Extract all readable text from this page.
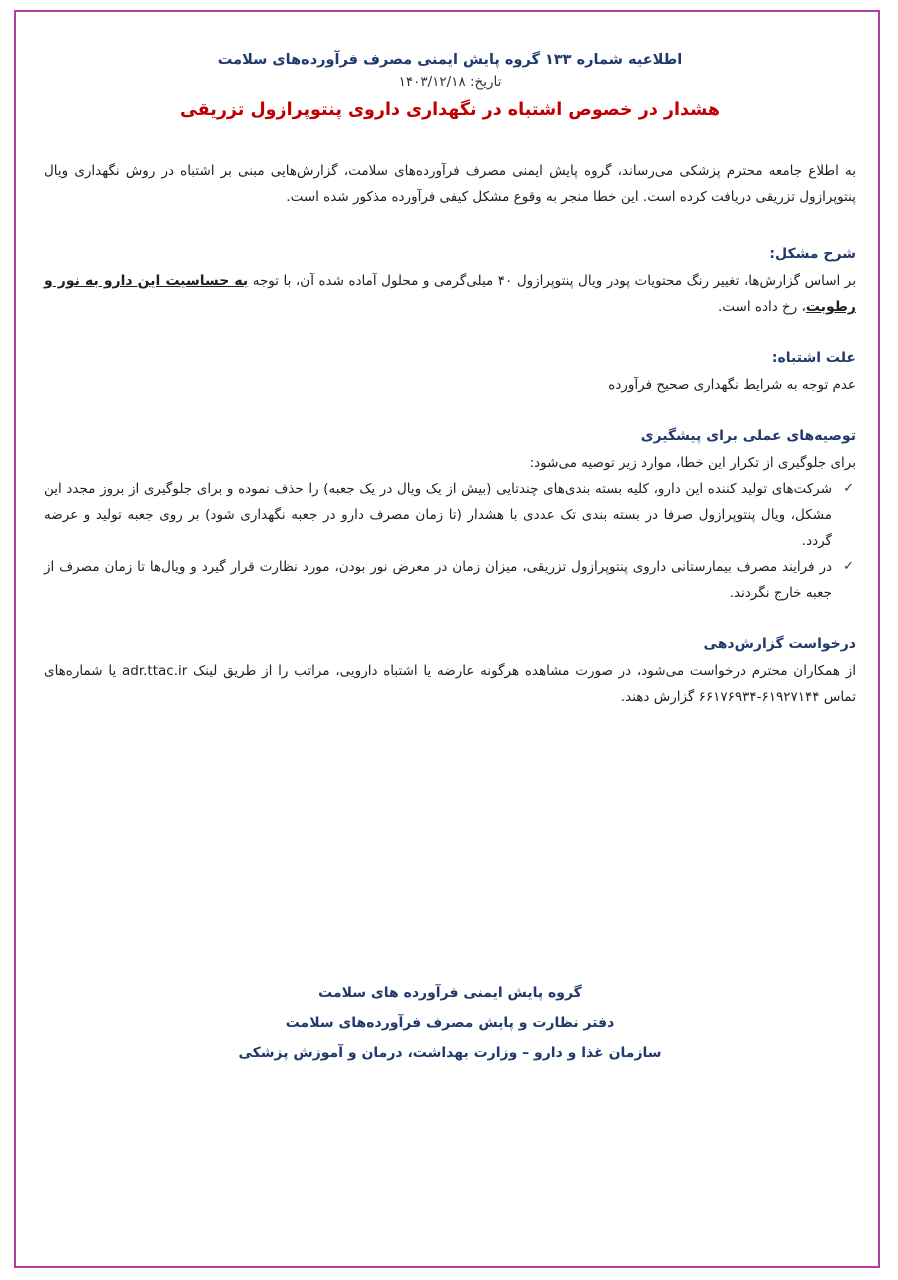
اطلاعیه شماره ۱۳۳ گروه پایش ایمنی مصرف فرآورده‌های سلامت
تاریخ: ۱۴۰۳/۱۲/۱۸
هشدار در خصوص اشتباه در نگهداری داروی پنتوپرازول تزریقی

به اطلاع جامعه محترم پزشکی می‌رساند، گروه پایش ایمنی مصرف فرآورده‌های سلامت، گزارش‌هایی مبنی بر اشتباه در روش نگهداری ویال پنتوپرازول تزریقی دریافت کرده است. این خطا منجر به وقوع مشکل کیفی فرآورده مذکور شده است.

شرح مشکل:

بر اساس گزارش‌ها، تغییر رنگ محتویات پودر ویال پنتوپرازول ۴۰ میلی‌گرمی و محلول آماده شده آن، با توجه به حساسیت این دارو به نور و رطوبت، رخ داده است.

علت اشتباه:

عدم توجه به شرایط نگهداری صحیح فرآورده

توصیه‌های عملی برای پیشگیری

برای جلوگیری از تکرار این خطا، موارد زیر توصیه می‌شود:

✓
شرکت‌های تولید کننده این دارو، کلیه بسته بندی‌های چندتایی (بیش از یک ویال در یک جعبه) را حذف نموده و برای جلوگیری از بروز مجدد این مشکل، ویال پنتوپرازول صرفا در بسته بندی تک عددی با هشدار (تا زمان مصرف دارو در جعبه نگهداری شود) بر روی جعبه تولید و عرضه گردد.
✓
در فرایند مصرف بیمارستانی داروی پنتوپرازول تزریقی، میزان زمان در معرض نور بودن، مورد نظارت قرار گیرد و ویال‌ها تا زمان مصرف از جعبه خارج نگردند.
درخواست گزارش‌دهی

از همکاران محترم درخواست می‌شود، در صورت مشاهده هرگونه عارضه یا اشتباه دارویی، مراتب را از طریق لینک adr.ttac.ir یا شماره‌های تماس ۶۱۹۲۷۱۴۴-۶۶۱۷۶۹۳۴ گزارش دهند.

گروه پایش ایمنی فرآورده های سلامت
دفتر نظارت و پایش مصرف فرآورده‌های سلامت
سازمان غذا و دارو – وزارت بهداشت، درمان و آموزش پزشکی
